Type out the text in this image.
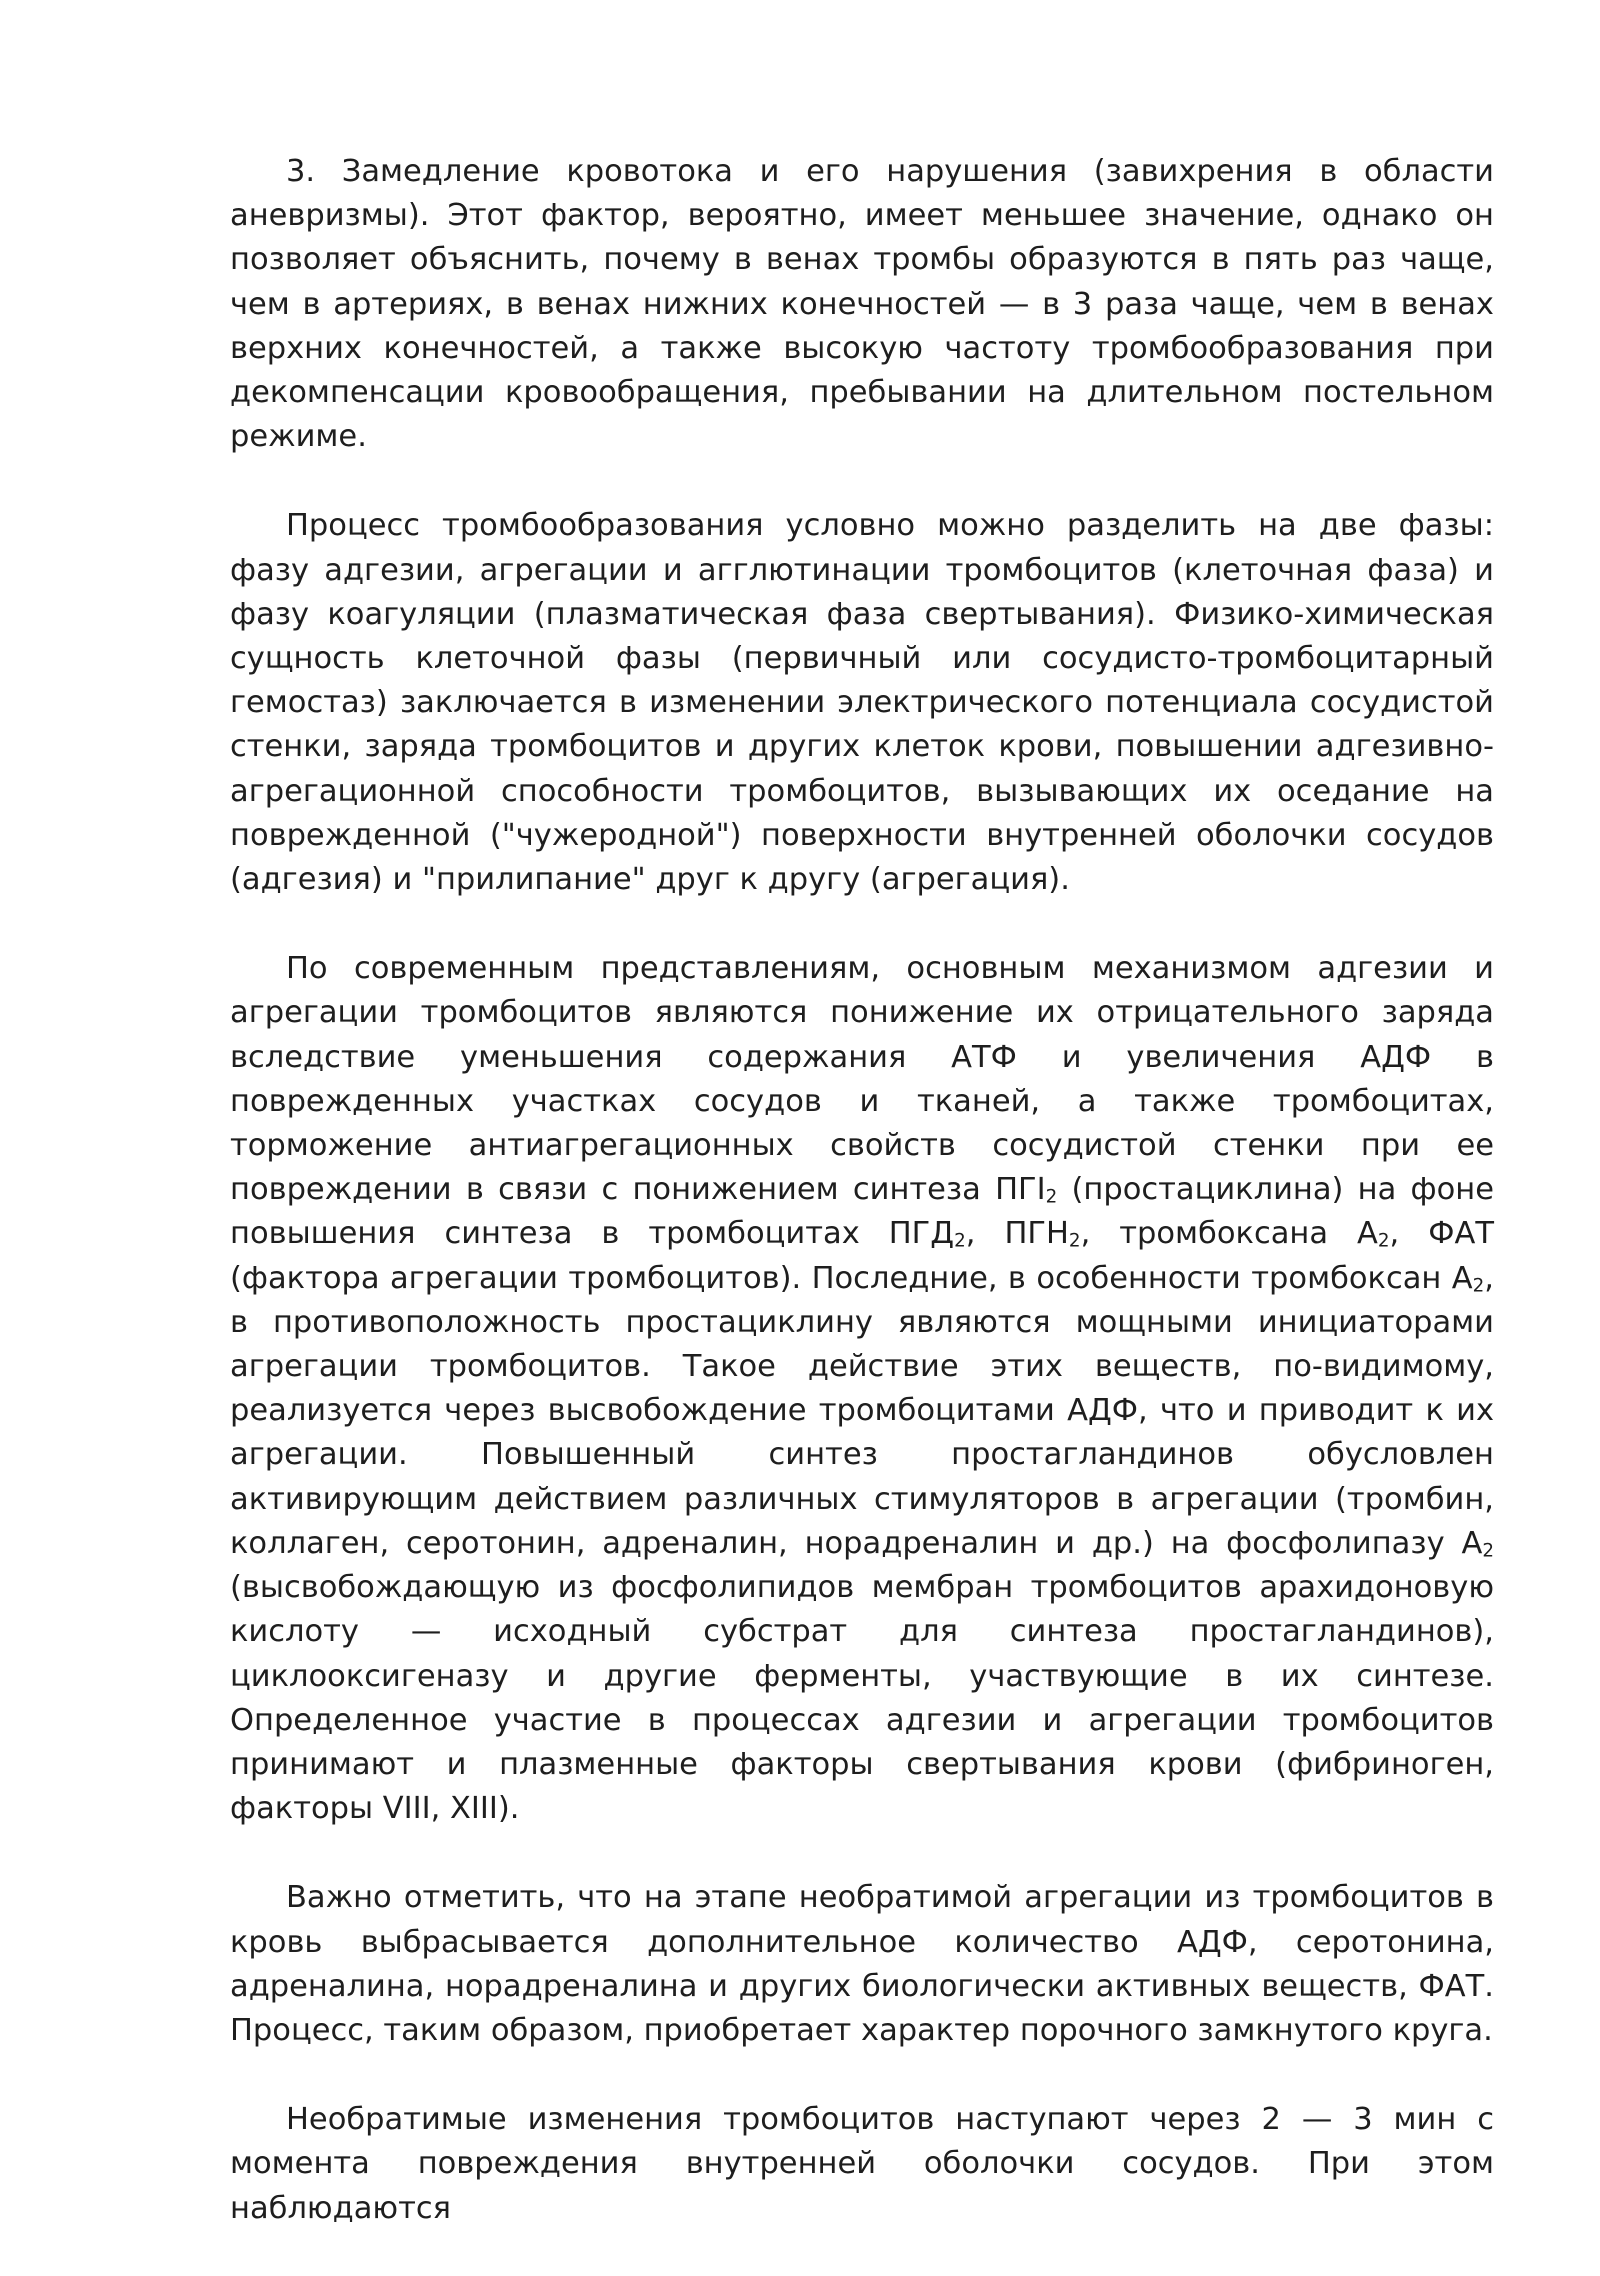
3. Замедление кровотока и его нарушения (завихрения в области аневризмы). Этот фактор, вероятно, имеет меньшее значение, однако он позволяет объяснить, почему в венах тромбы образуются в пять раз чаще, чем в артериях, в венах нижних конечностей — в 3 раза чаще, чем в венах верхних конечностей, а также высокую частоту тромбообразования при декомпенсации кровообращения, пребывании на длительном постельном режиме.

Процесс тромбообразования условно можно разделить на две фазы: фазу адгезии, агрегации и агглютинации тромбоцитов (клеточная фаза) и фазу коагуляции (плазматическая фаза свертывания). Физико-химическая сущность клеточной фазы (первичный или сосудисто-тромбоцитарный гемостаз) заключается в изменении электрического потенциала сосудистой стенки, заряда тромбоцитов и других клеток крови, повышении адгезивно-агрегационной способности тромбоцитов, вызывающих их оседание на поврежденной ("чужеродной") поверхности внутренней оболочки сосудов (адгезия) и "прилипание" друг к другу (агрегация).

По современным представлениям, основным механизмом адгезии и агрегации тромбоцитов являются понижение их отрицательного заряда вследствие уменьшения содержания АТФ и увеличения АДФ в поврежденных участках сосудов и тканей, а также тромбоцитах, торможение антиагрегационных свойств сосудистой стенки при ее повреждении в связи с понижением синтеза $ПГI_2$ (простациклина) на фоне повышения синтеза в тромбоцитах $ПГД_2$, $ПГН_2$, тромбоксана $А_2$, ФАТ (фактора агрегации тромбоцитов). Последние, в особенности тромбоксан $А_2$, в противоположность простациклину являются мощными инициаторами агрегации тромбоцитов. Такое действие этих веществ, по-видимому, реализуется через высвобождение тромбоцитами АДФ, что и приводит к их агрегации. Повышенный синтез простагландинов обусловлен активирующим действием различных стимуляторов в агрегации (тромбин, коллаген, серотонин, адреналин, норадреналин и др.) на фосфолипазу $А_2$ (высвобождающую из фосфолипидов мембран тромбоцитов арахидоновую кислоту — исходный субстрат для синтеза простагландинов), циклооксигеназу и другие ферменты, участвующие в их синтезе. Определенное участие в процессах адгезии и агрегации тромбоцитов принимают и плазменные факторы свертывания крови (фибриноген, факторы VIII, XIII).

Важно отметить, что на этапе необратимой агрегации из тромбоцитов в кровь выбрасывается дополнительное количество АДФ, серотонина, адреналина, норадреналина и других биологически активных веществ, ФАТ. Процесс, таким образом, приобретает характер порочного замкнутого круга.

Необратимые изменения тромбоцитов наступают через 2 — 3 мин с момента повреждения внутренней оболочки сосудов. При этом наблюдаются
